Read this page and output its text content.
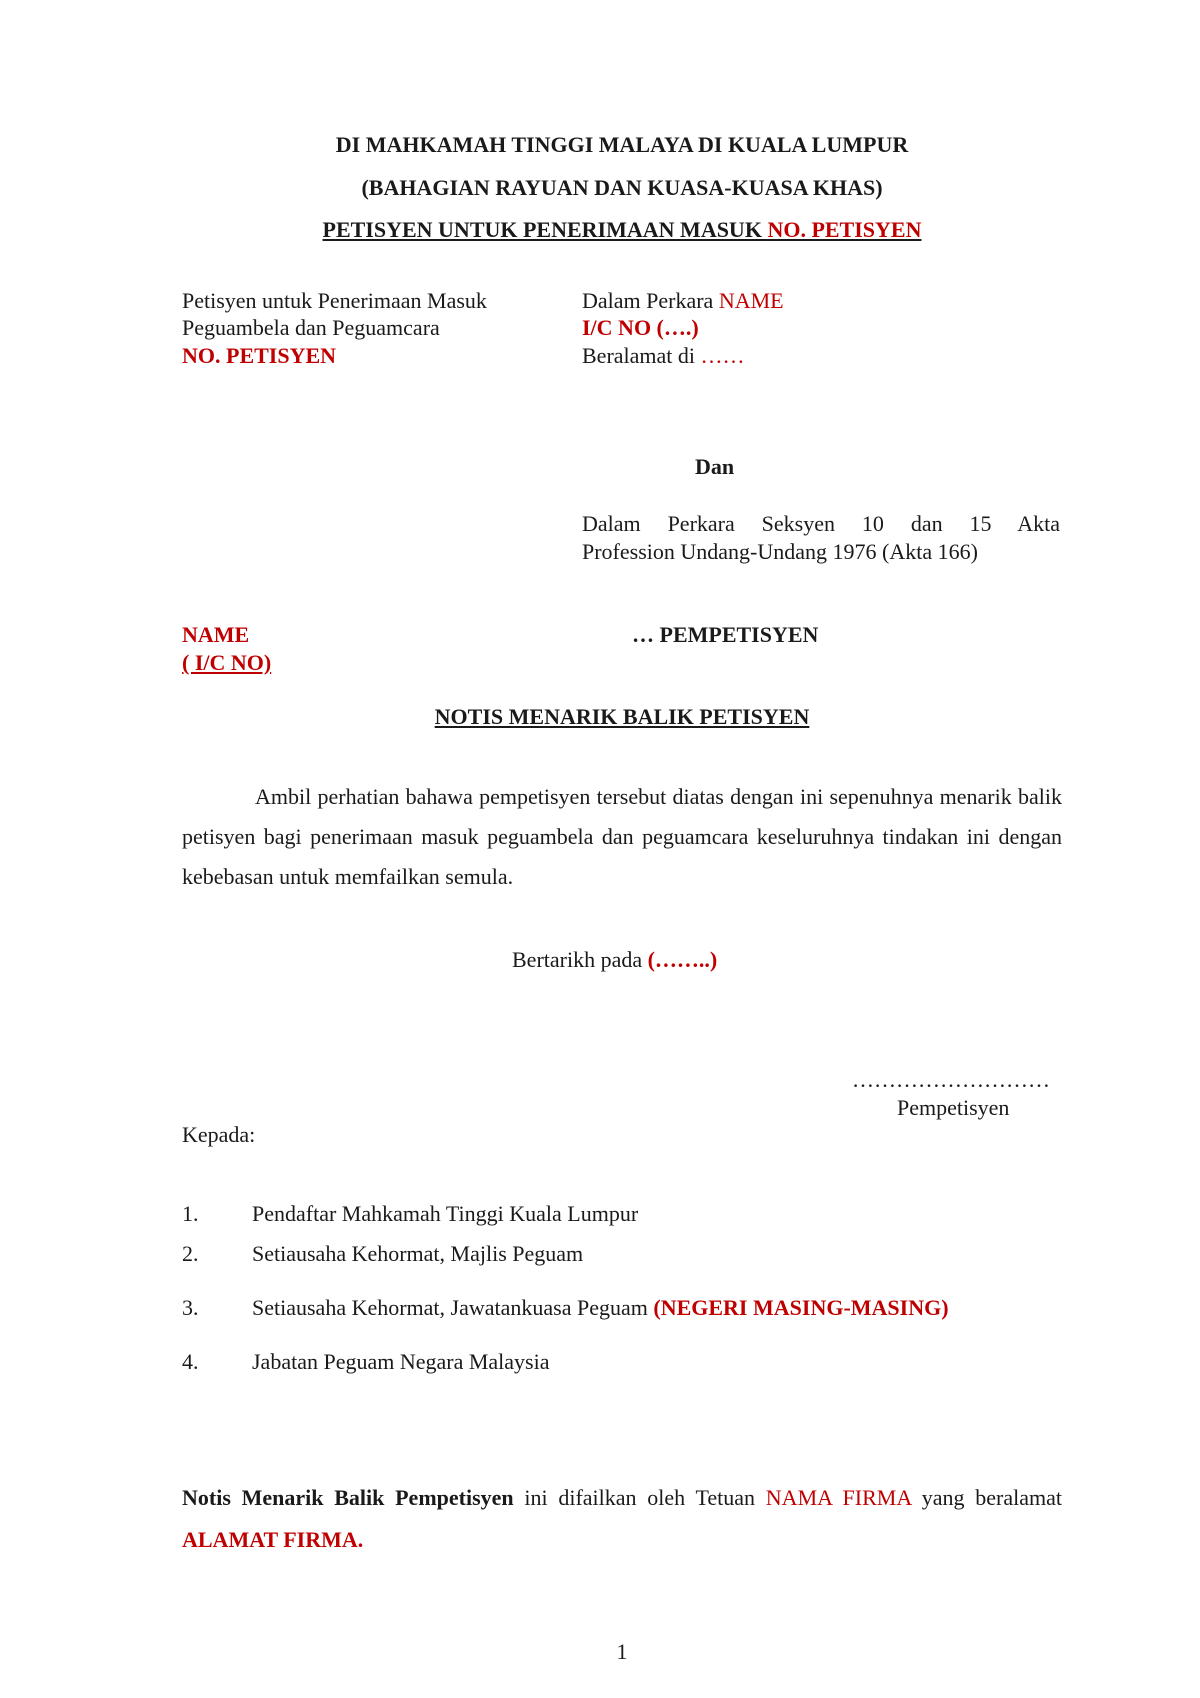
DI MAHKAMAH TINGGI MALAYA DI KUALA LUMPUR
(BAHAGIAN RAYUAN DAN KUASA-KUASA KHAS)
PETISYEN UNTUK PENERIMAAN MASUK NO. PETISYEN
Petisyen untuk Penerimaan Masuk
Peguambela dan Peguamcara
NO. PETISYEN
Dalam Perkara NAME
I/C NO (….)
Beralamat di ……
Dan
Dalam Perkara Seksyen 10 dan 15 Akta
Profession Undang-Undang 1976 (Akta 166)
NAME
( I/C NO)
… PEMPETISYEN
NOTIS MENARIK BALIK PETISYEN
Ambil perhatian bahawa pempetisyen tersebut diatas dengan ini sepenuhnya menarik balik petisyen bagi penerimaan masuk peguambela dan peguamcara keseluruhnya tindakan ini dengan kebebasan untuk memfailkan semula.
Bertarikh pada (……..)
………………………
Pempetisyen
Kepada:
1. Pendaftar Mahkamah Tinggi Kuala Lumpur
2. Setiausaha Kehormat, Majlis Peguam
3. Setiausaha Kehormat, Jawatankuasa Peguam (NEGERI MASING-MASING)
4. Jabatan Peguam Negara Malaysia
Notis Menarik Balik Pempetisyen ini difailkan oleh Tetuan NAMA FIRMA yang beralamat ALAMAT FIRMA.
1
